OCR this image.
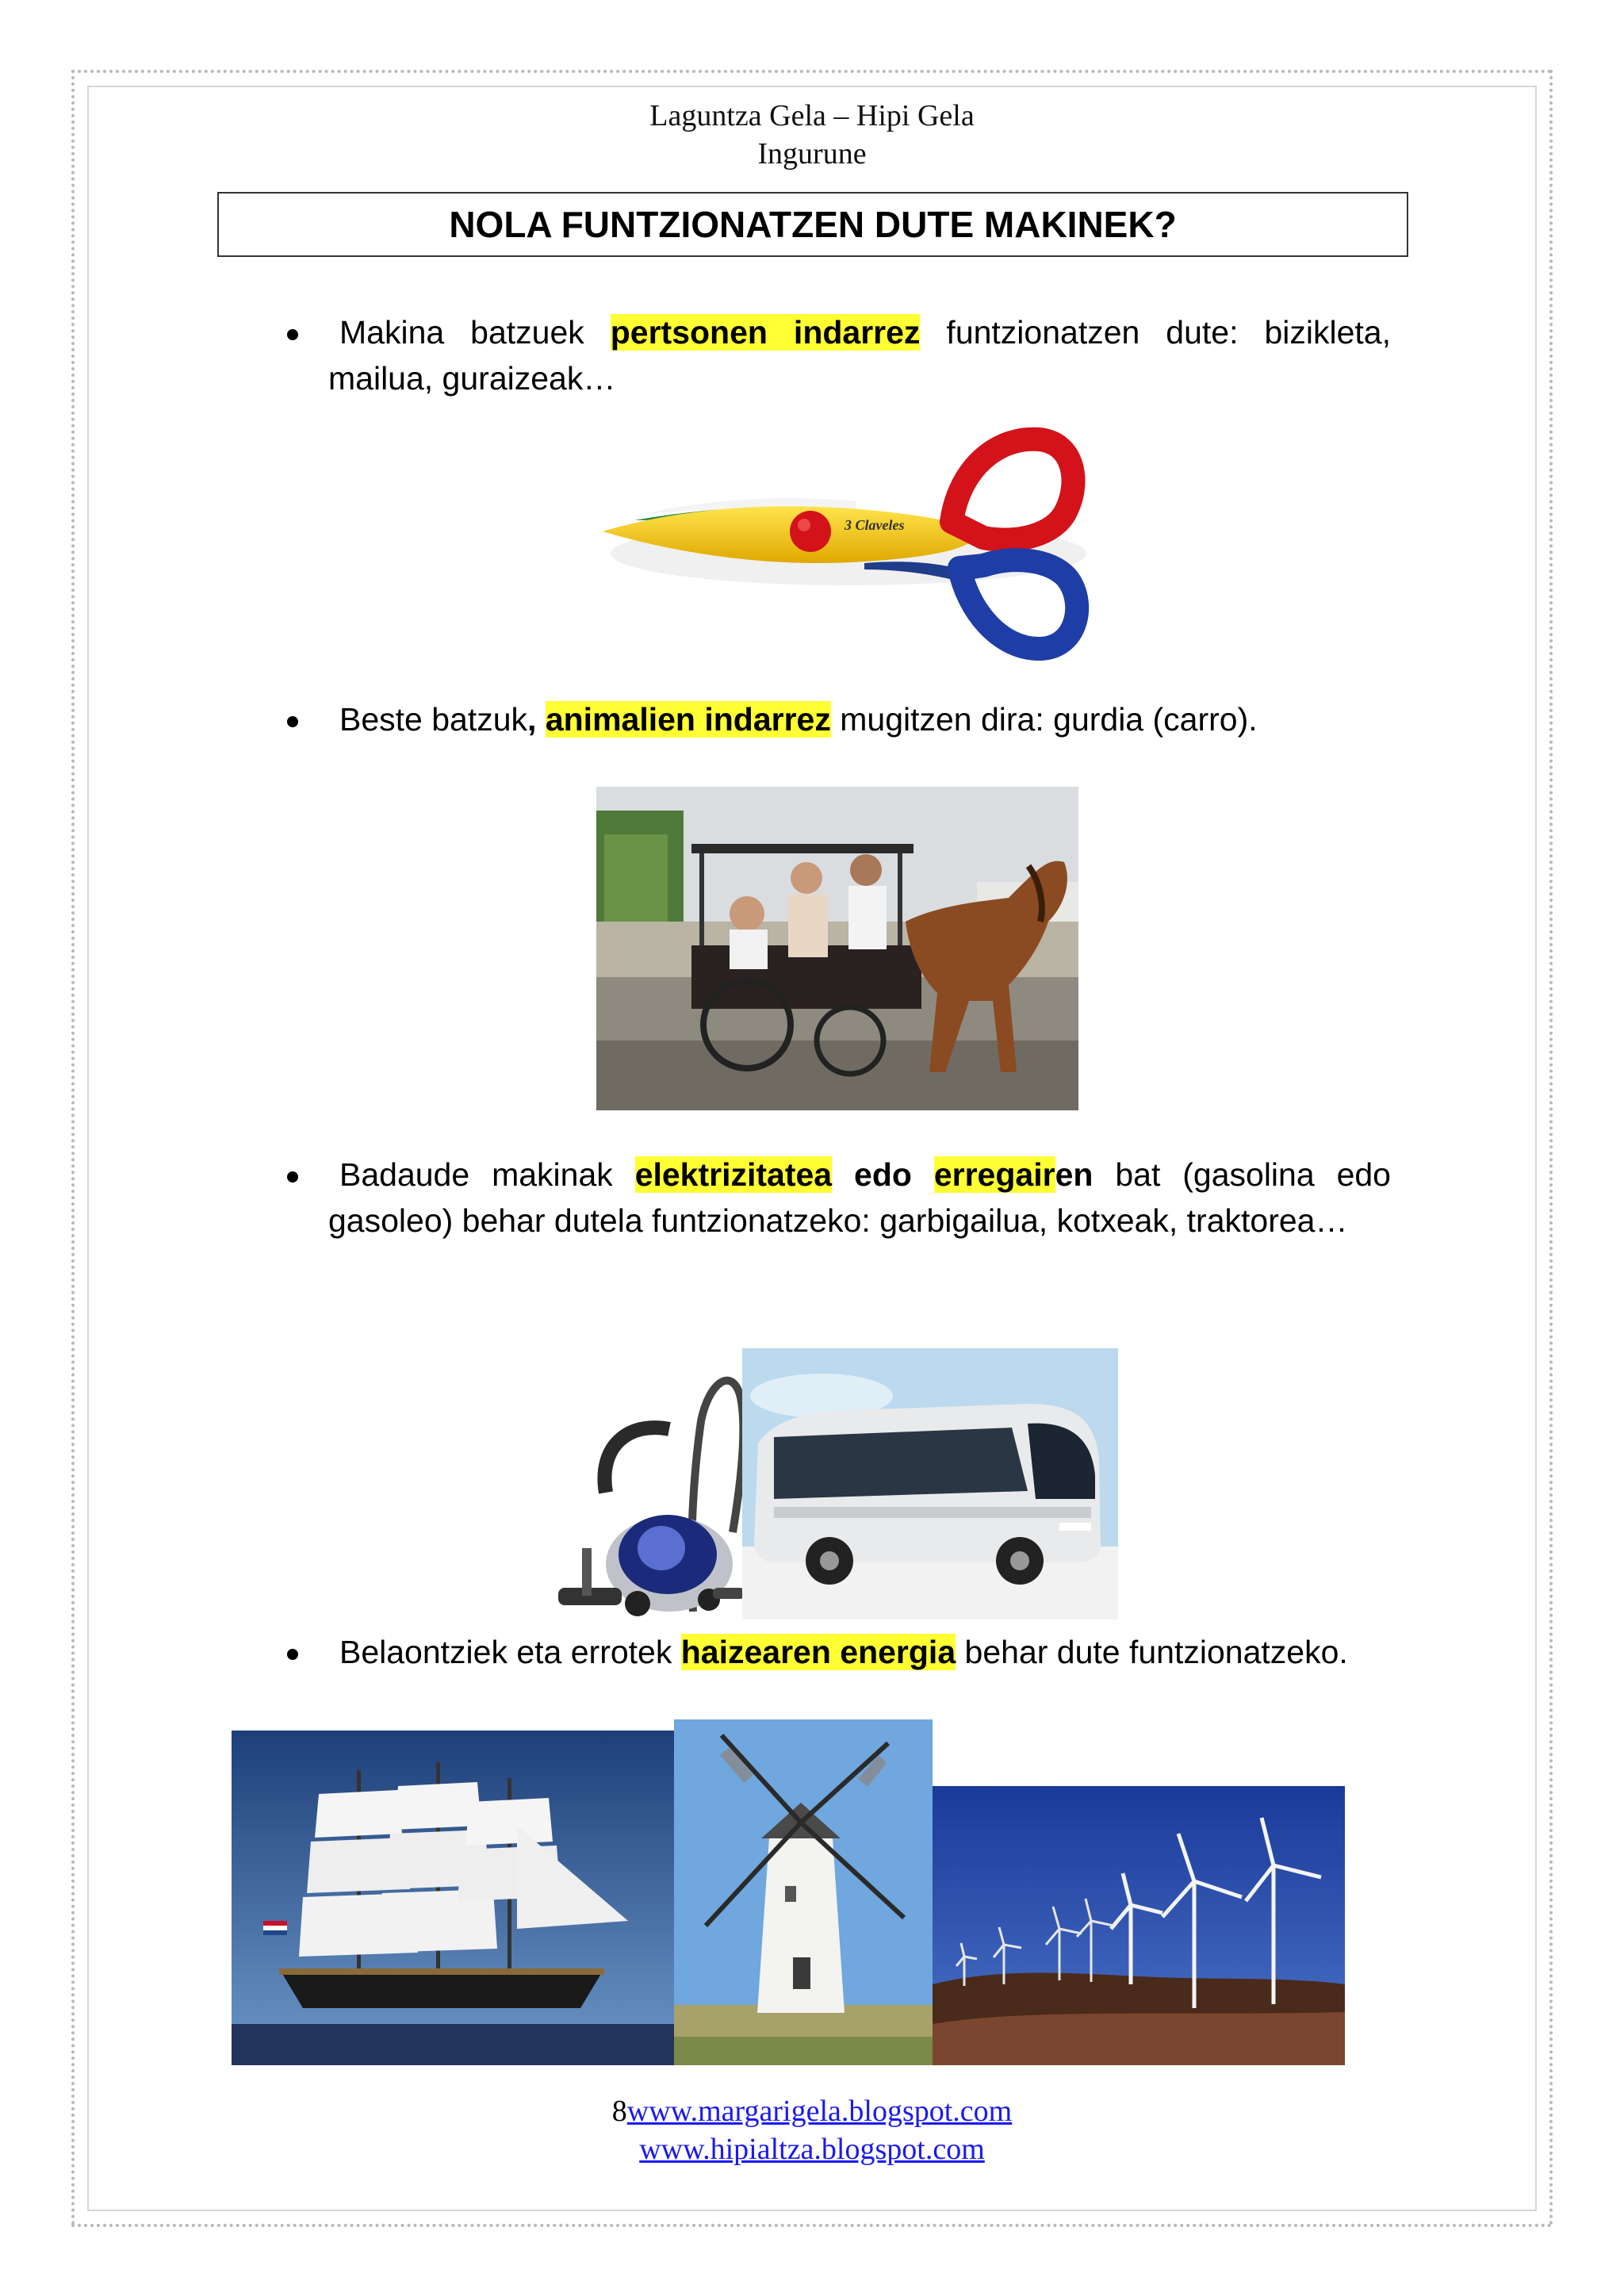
Laguntza Gela – Hipi Gela
Ingurune
NOLA FUNTZIONATZEN DUTE MAKINEK?
Makina batzuek pertsonen indarrez funtzionatzen dute: bizikleta, mailua, guraizeak…
3 Claveles
Beste batzuk, animalien indarrez mugitzen dira: gurdia (carro).
Badaude makinak elektrizitatea edo erregairen bat (gasolina edo gasoleo) behar dutela funtzionatzeko: garbigailua, kotxeak, traktorea…
Belaontziek eta errotek haizearen energia behar dute funtzionatzeko.
8www.margarigela.blogspot.com
www.hipialtza.blogspot.com
